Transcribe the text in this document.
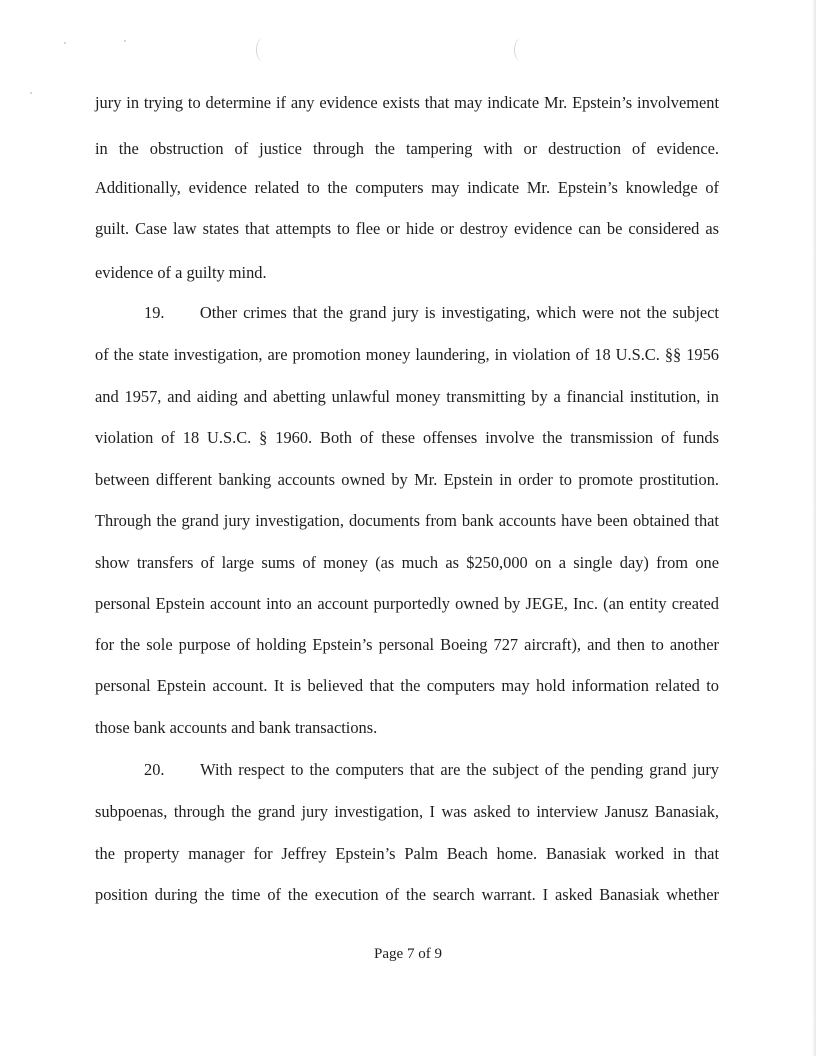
jury in trying to determine if any evidence exists that may indicate Mr. Epstein’s involvement
in the obstruction of justice through the tampering with or destruction of evidence.
Additionally, evidence related to the computers may indicate Mr. Epstein’s knowledge of
guilt. Case law states that attempts to flee or hide or destroy evidence can be considered as
evidence of a guilty mind.
19.      Other crimes that the grand jury is investigating, which were not the subject
of the state investigation, are promotion money laundering, in violation of 18 U.S.C. §§ 1956
and 1957, and aiding and abetting unlawful money transmitting by a financial institution, in
violation of 18 U.S.C. § 1960. Both of these offenses involve the transmission of funds
between different banking accounts owned by Mr. Epstein in order to promote prostitution.
Through the grand jury investigation, documents from bank accounts have been obtained that
show transfers of large sums of money (as much as $250,000 on a single day) from one
personal Epstein account into an account purportedly owned by JEGE, Inc. (an entity created
for the sole purpose of holding Epstein’s personal Boeing 727 aircraft), and then to another
personal Epstein account. It is believed that the computers may hold information related to
those bank accounts and bank transactions.
20.      With respect to the computers that are the subject of the pending grand jury
subpoenas, through the grand jury investigation, I was asked to interview Janusz Banasiak,
the property manager for Jeffrey Epstein’s Palm Beach home. Banasiak worked in that
position during the time of the execution of the search warrant. I asked Banasiak whether
Page 7 of 9
